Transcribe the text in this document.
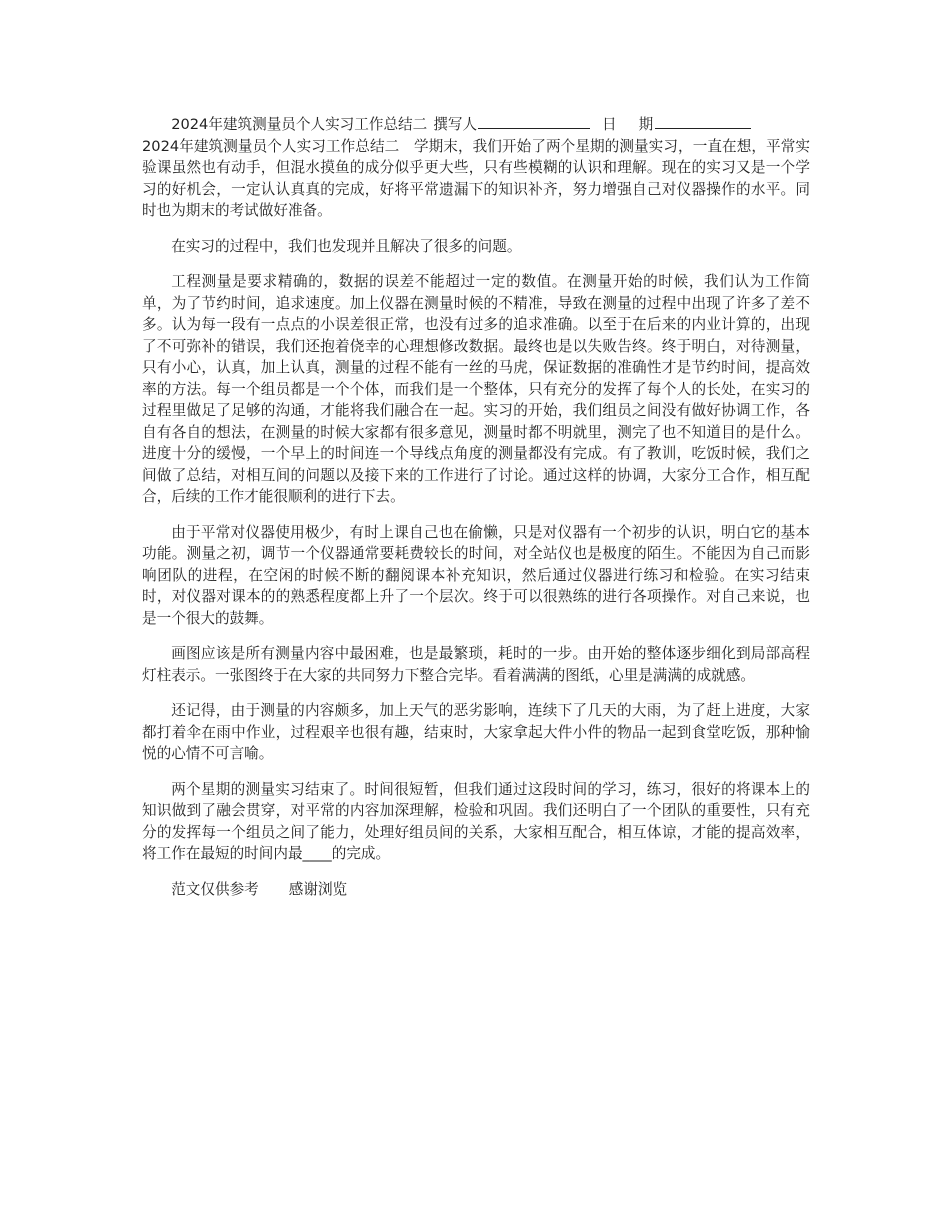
2024年建筑测量员个人实习工作总结二 撰写人	日 期

2024年建筑测量员个人实习工作总结二　学期末，我们开始了两个星期的测量实习，一直在想，平常实验课虽然也有动手，但混水摸鱼的成分似乎更大些，只有些模糊的认识和理解。现在的实习又是一个学习的好机会，一定认认真真的完成，好将平常遗漏下的知识补齐，努力增强自己对仪器操作的水平。同时也为期末的考试做好准备。

在实习的过程中，我们也发现并且解决了很多的问题。

工程测量是要求精确的，数据的误差不能超过一定的数值。在测量开始的时候，我们认为工作简单，为了节约时间，追求速度。加上仪器在测量时候的不精准，导致在测量的过程中出现了许多了差不多。认为每一段有一点点的小误差很正常，也没有过多的追求准确。以至于在后来的内业计算的，出现了不可弥补的错误，我们还抱着侥幸的心理想修改数据。最终也是以失败告终。终于明白，对待测量，只有小心，认真，加上认真，测量的过程不能有一丝的马虎，保证数据的准确性才是节约时间，提高效率的方法。每一个组员都是一个个体，而我们是一个整体，只有充分的发挥了每个人的长处，在实习的过程里做足了足够的沟通，才能将我们融合在一起。实习的开始，我们组员之间没有做好协调工作，各自有各自的想法，在测量的时候大家都有很多意见，测量时都不明就里，测完了也不知道目的是什么。进度十分的缓慢，一个早上的时间连一个导线点角度的测量都没有完成。有了教训，吃饭时候，我们之间做了总结，对相互间的问题以及接下来的工作进行了讨论。通过这样的协调，大家分工合作，相互配合，后续的工作才能很顺利的进行下去。

由于平常对仪器使用极少，有时上课自己也在偷懒，只是对仪器有一个初步的认识，明白它的基本功能。测量之初，调节一个仪器通常要耗费较长的时间，对全站仪也是极度的陌生。不能因为自己而影响团队的进程，在空闲的时候不断的翻阅课本补充知识，然后通过仪器进行练习和检验。在实习结束时，对仪器对课本的的熟悉程度都上升了一个层次。终于可以很熟练的进行各项操作。对自己来说，也是一个很大的鼓舞。

画图应该是所有测量内容中最困难，也是最繁琐，耗时的一步。由开始的整体逐步细化到局部高程灯柱表示。一张图终于在大家的共同努力下整合完毕。看着满满的图纸，心里是满满的成就感。

还记得，由于测量的内容颇多，加上天气的恶劣影响，连续下了几天的大雨，为了赶上进度，大家都打着伞在雨中作业，过程艰辛也很有趣，结束时，大家拿起大件小件的物品一起到食堂吃饭，那种愉悦的心情不可言喻。

两个星期的测量实习结束了。时间很短暂，但我们通过这段时间的学习，练习，很好的将课本上的知识做到了融会贯穿，对平常的内容加深理解，检验和巩固。我们还明白了一个团队的重要性，只有充分的发挥每一个组员之间了能力，处理好组员间的关系，大家相互配合，相互体谅，才能的提高效率，将工作在最短的时间内最____的完成。

范文仅供参考 感谢浏览
